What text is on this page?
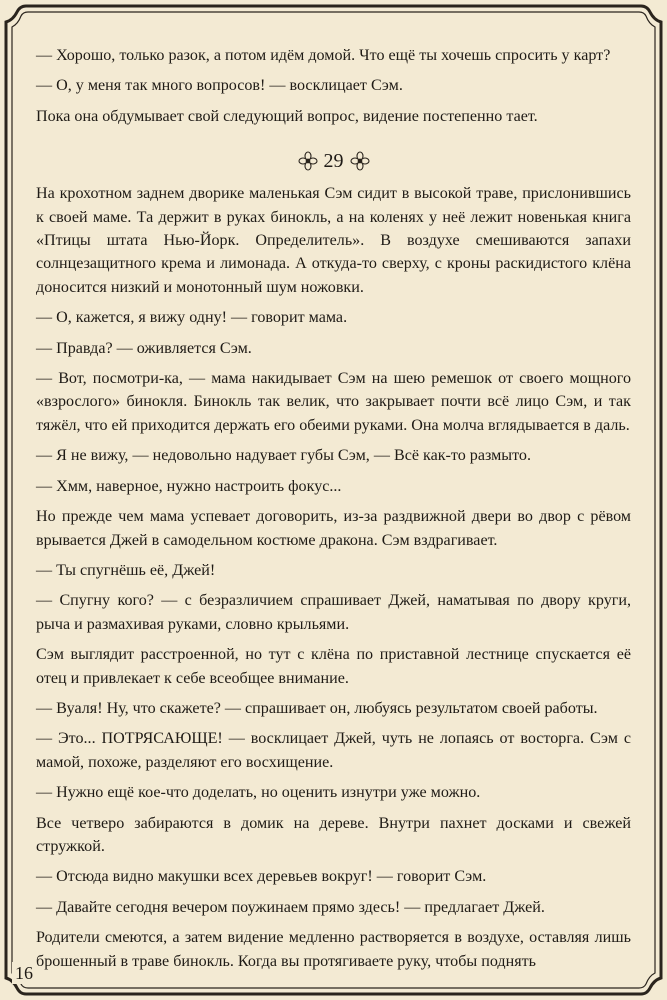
— Хорошо, только разок, а потом идём домой. Что ещё ты хочешь спросить у карт?

— О, у меня так много вопросов! — восклицает Сэм.

Пока она обдумывает свой следующий вопрос, видение постепенно тает.

29

На крохотном заднем дворике маленькая Сэм сидит в высокой траве, прислонившись к своей маме. Та держит в руках бинокль, а на коленях у неё лежит новенькая книга «Птицы штата Нью-Йорк. Определитель». В воздухе смешиваются запахи солнцезащитного крема и лимонада. А откуда-то сверху, с кроны раскидистого клёна доносится низкий и монотонный шум ножовки.

— О, кажется, я вижу одну! — говорит мама.

— Правда? — оживляется Сэм.

— Вот, посмотри-ка, — мама накидывает Сэм на шею ремешок от своего мощного «взрослого» бинокля. Бинокль так велик, что закрывает почти всё лицо Сэм, и так тяжёл, что ей приходится держать его обеими руками. Она молча вглядывается в даль.

— Я не вижу, — недовольно надувает губы Сэм, — Всё как-то размыто.

— Хмм, наверное, нужно настроить фокус...

Но прежде чем мама успевает договорить, из-за раздвижной двери во двор с рёвом врывается Джей в самодельном костюме дракона. Сэм вздрагивает.

— Ты спугнёшь её, Джей!

— Спугну кого? — с безразличием спрашивает Джей, наматывая по двору круги, рыча и размахивая руками, словно крыльями.

Сэм выглядит расстроенной, но тут с клёна по приставной лестнице спускается её отец и привлекает к себе всеобщее внимание.

— Вуаля! Ну, что скажете? — спрашивает он, любуясь результатом своей работы.

— Это... ПОТРЯСАЮЩЕ! — восклицает Джей, чуть не лопаясь от восторга. Сэм с мамой, похоже, разделяют его восхищение.

— Нужно ещё кое-что доделать, но оценить изнутри уже можно.

Все четверо забираются в домик на дереве. Внутри пахнет досками и свежей стружкой.

— Отсюда видно макушки всех деревьев вокруг! — говорит Сэм.

— Давайте сегодня вечером поужинаем прямо здесь! — предлагает Джей.

Родители смеются, а затем видение медленно растворяется в воздухе, оставляя лишь брошенный в траве бинокль. Когда вы протягиваете руку, чтобы поднять

16
